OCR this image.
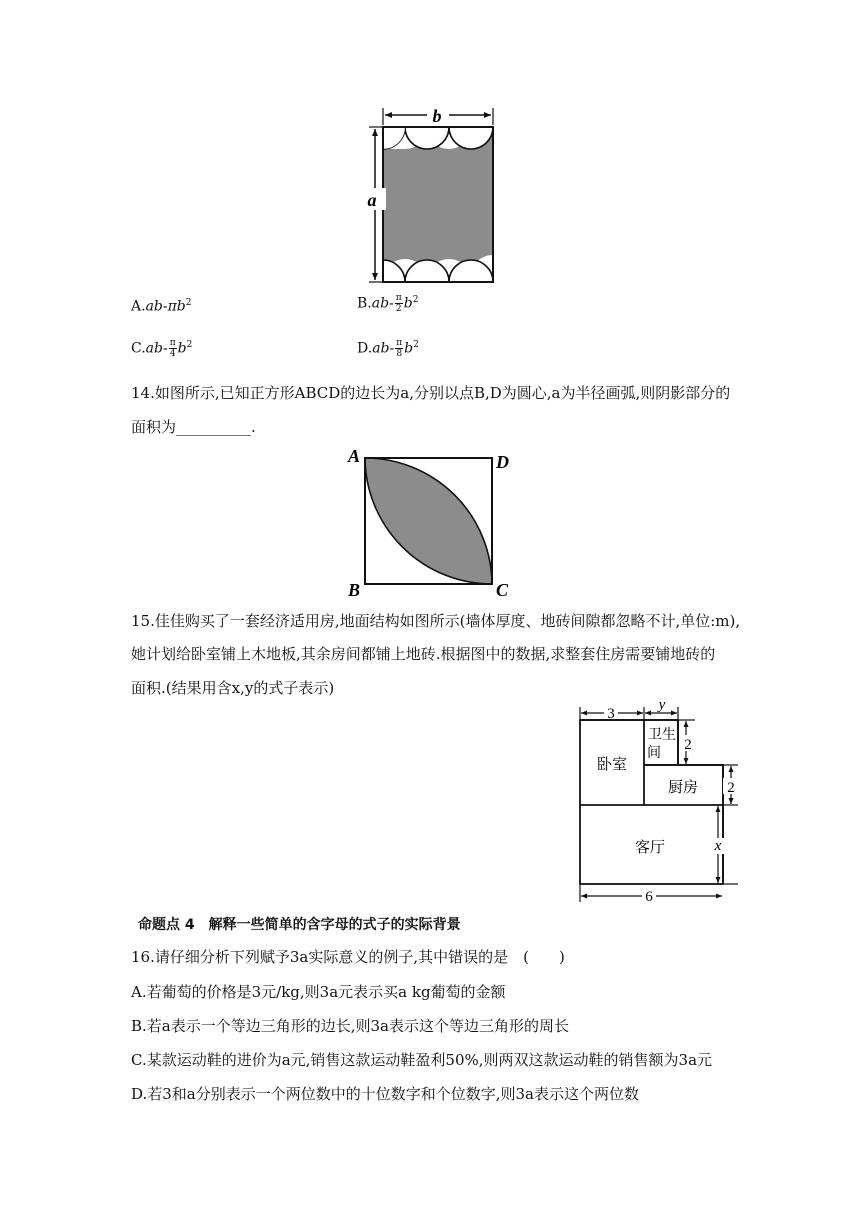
b
a
$A.ab-\pi b^2$	$B.ab- \frac{\pi}{2} b^2$
$C.ab- \frac{\pi}{4} b^2$	$D.ab- \frac{\pi}{8} b^2$
14.如图所示,已知正方形ABCD的边长为a,分别以点B,D为圆心,a为半径画弧,则阴影部分的
面积为__________.
A	D
B	C
15.佳佳购买了一套经济适用房,地面结构如图所示(墙体厚度、地砖间隙都忽略不计,单位:m),
她计划给卧室铺上木地板,其余房间都铺上地砖.根据图中的数据,求整套住房需要铺地砖的
面积.(结果用含x,y的式子表示)
3
y
2
2
x
6
卧室
卫生
间
厨房
客厅
命题点 4　解释一些简单的含字母的式子的实际背景
16.请仔细分析下列赋予3a实际意义的例子,其中错误的是　(　　)
A.若葡萄的价格是3元/kg,则3a元表示买a kg葡萄的金额
B.若a表示一个等边三角形的边长,则3a表示这个等边三角形的周长
C.某款运动鞋的进价为a元,销售这款运动鞋盈利50%,则两双这款运动鞋的销售额为3a元
D.若3和a分别表示一个两位数中的十位数字和个位数字,则3a表示这个两位数
